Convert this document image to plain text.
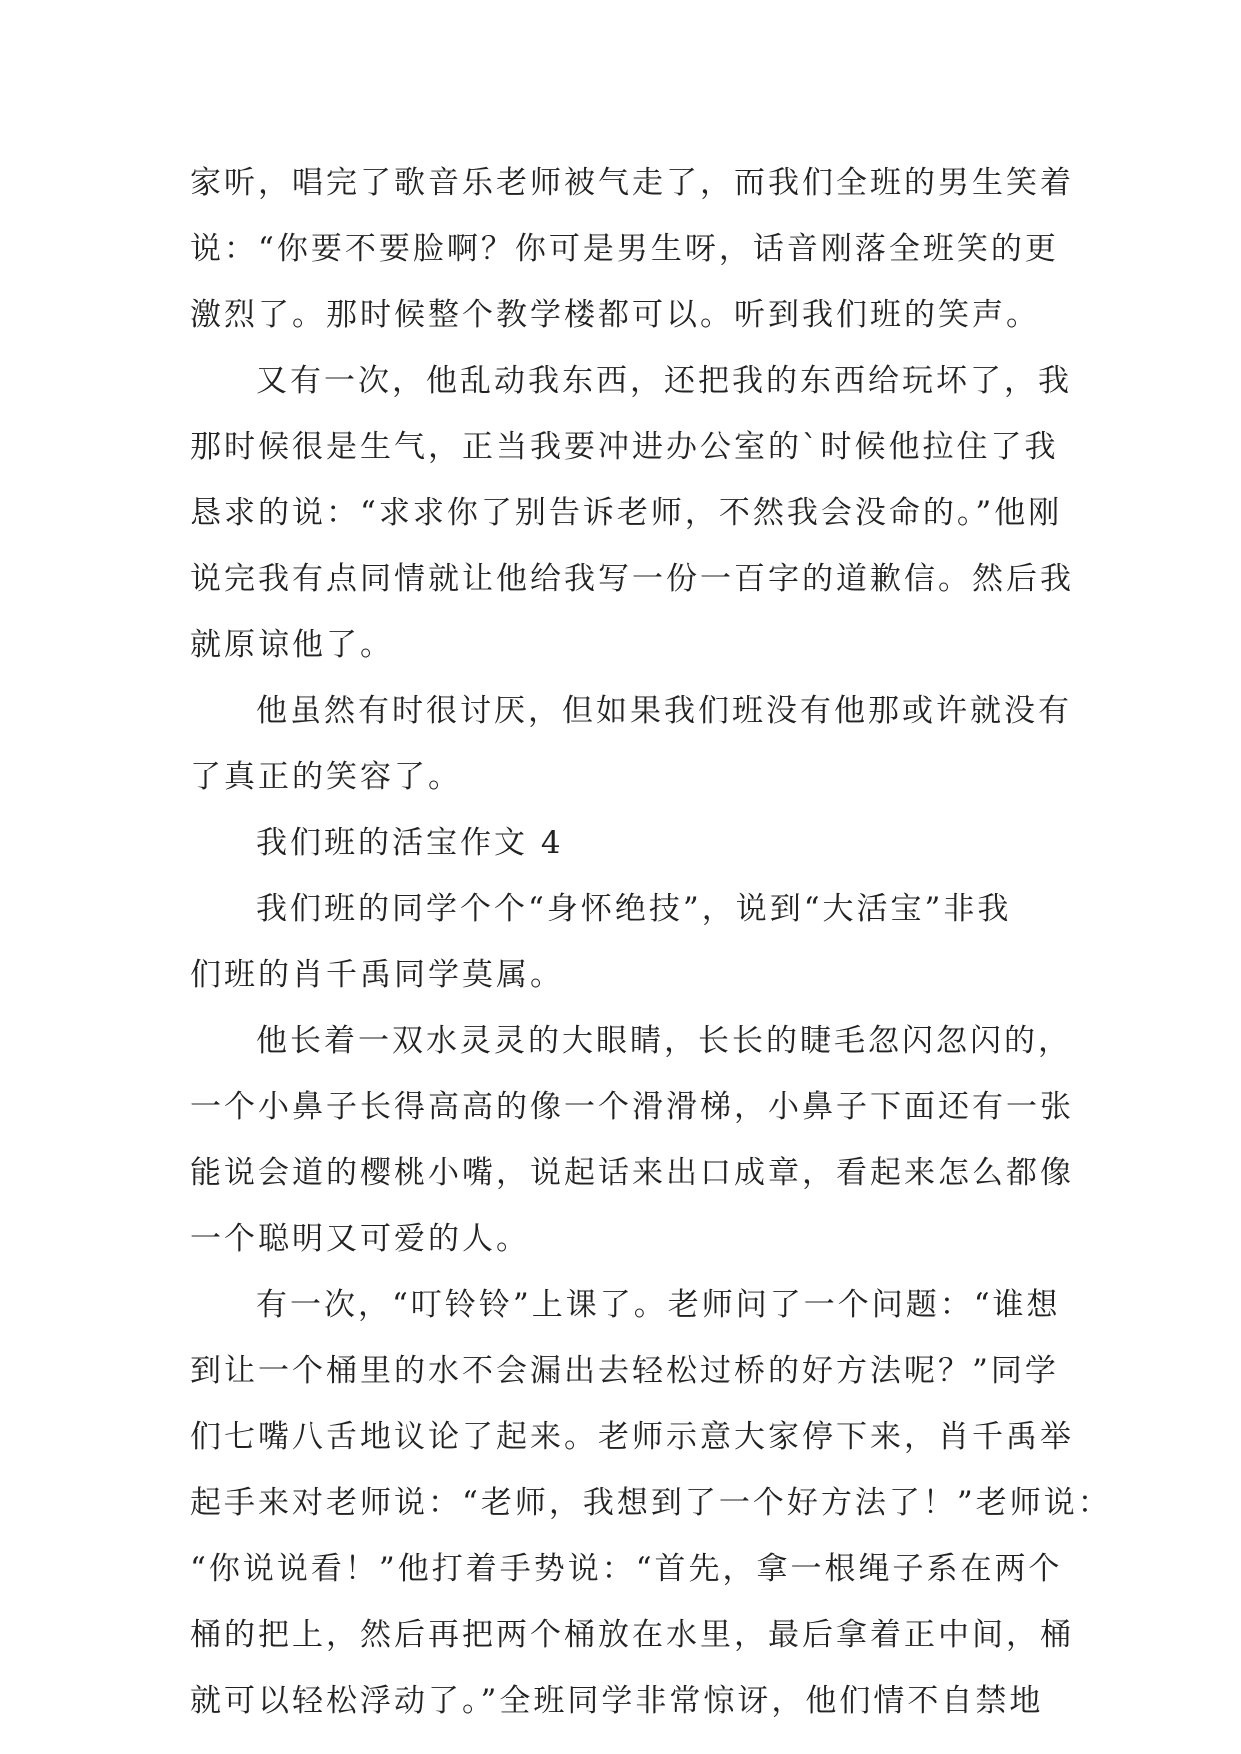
家听，唱完了歌音乐老师被气走了，而我们全班的男生笑着
说：“你要不要脸啊？你可是男生呀，话音刚落全班笑的更
激烈了。那时候整个教学楼都可以。听到我们班的笑声。
又有一次，他乱动我东西，还把我的东西给玩坏了，我
那时候很是生气，正当我要冲进办公室的`时候他拉住了我
恳求的说：“求求你了别告诉老师，不然我会没命的。”他刚
说完我有点同情就让他给我写一份一百字的道歉信。然后我
就原谅他了。
他虽然有时很讨厌，但如果我们班没有他那或许就没有
了真正的笑容了。
我们班的活宝作文 4
我们班的同学个个“身怀绝技”，说到“大活宝”非我
们班的肖千禹同学莫属。
他长着一双水灵灵的大眼睛，长长的睫毛忽闪忽闪的，
一个小鼻子长得高高的像一个滑滑梯，小鼻子下面还有一张
能说会道的樱桃小嘴，说起话来出口成章，看起来怎么都像
一个聪明又可爱的人。
有一次，“叮铃铃”上课了。老师问了一个问题：“谁想
到让一个桶里的水不会漏出去轻松过桥的好方法呢？”同学
们七嘴八舌地议论了起来。老师示意大家停下来，肖千禹举
起手来对老师说：“老师，我想到了一个好方法了！”老师说：
“你说说看！”他打着手势说：“首先，拿一根绳子系在两个
桶的把上，然后再把两个桶放在水里，最后拿着正中间，桶
就可以轻松浮动了。”全班同学非常惊讶，他们情不自禁地
